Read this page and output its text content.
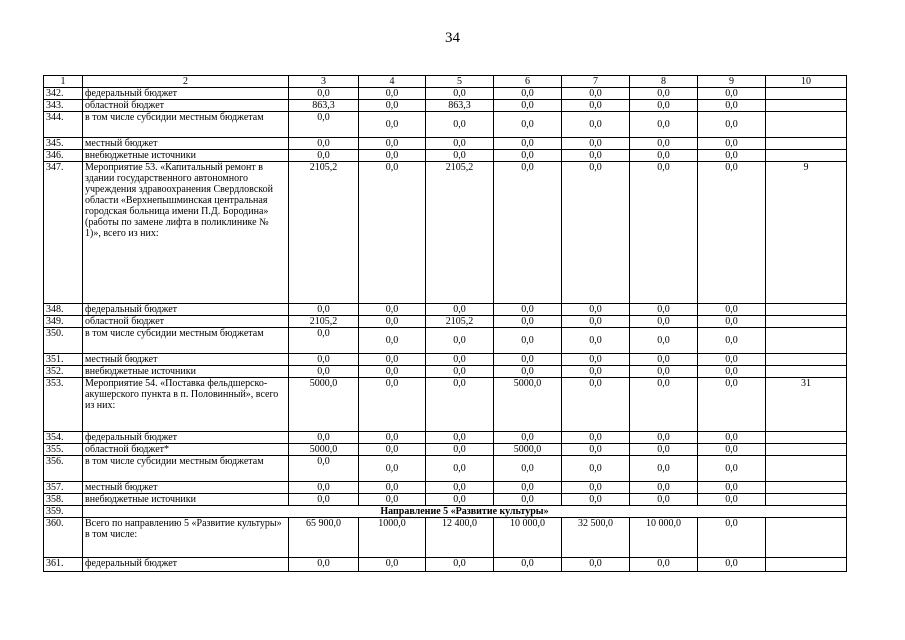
34
1	2	3	4	5	6	7	8	9	10
342.	федеральный бюджет	0,0	0,0	0,0	0,0	0,0	0,0	0,0	
343.	областной бюджет	863,3	0,0	863,3	0,0	0,0	0,0	0,0	
344.	в том числе субсидии местным бюджетам	0,0	0,0	0,0	0,0	0,0	0,0	0,0	
345.	местный бюджет	0,0	0,0	0,0	0,0	0,0	0,0	0,0	
346.	внебюджетные источники	0,0	0,0	0,0	0,0	0,0	0,0	0,0	
347.	Мероприятие 53. «Капитальный ремонт в здании государственного автономного учреждения здравоохранения Свердловской области «Верхнепышминская центральная городская больница имени П.Д. Бородина» (работы по замене лифта в поликлинике № 1)», всего из них:	2105,2	0,0	2105,2	0,0	0,0	0,0	0,0	9
348.	федеральный бюджет	0,0	0,0	0,0	0,0	0,0	0,0	0,0	
349.	областной бюджет	2105,2	0,0	2105,2	0,0	0,0	0,0	0,0	
350.	в том числе субсидии местным бюджетам	0,0	0,0	0,0	0,0	0,0	0,0	0,0	
351.	местный бюджет	0,0	0,0	0,0	0,0	0,0	0,0	0,0	
352.	внебюджетные источники	0,0	0,0	0,0	0,0	0,0	0,0	0,0	
353.	Мероприятие 54. «Поставка фельдшерско-акушерского пункта в п. Половинный», всего из них:	5000,0	0,0	0,0	5000,0	0,0	0,0	0,0	31
354.	федеральный бюджет	0,0	0,0	0,0	0,0	0,0	0,0	0,0	
355.	областной бюджет*	5000,0	0,0	0,0	5000,0	0,0	0,0	0,0	
356.	в том числе субсидии местным бюджетам	0,0	0,0	0,0	0,0	0,0	0,0	0,0	
357.	местный бюджет	0,0	0,0	0,0	0,0	0,0	0,0	0,0	
358.	внебюджетные источники	0,0	0,0	0,0	0,0	0,0	0,0	0,0	
359.	Направление 5 «Развитие культуры»								
360.	Всего по направлению 5 «Развитие культуры» в том числе:	65 900,0	1000,0	12 400,0	10 000,0	32 500,0	10 000,0	0,0	
361.	федеральный бюджет	0,0	0,0	0,0	0,0	0,0	0,0	0,0	
